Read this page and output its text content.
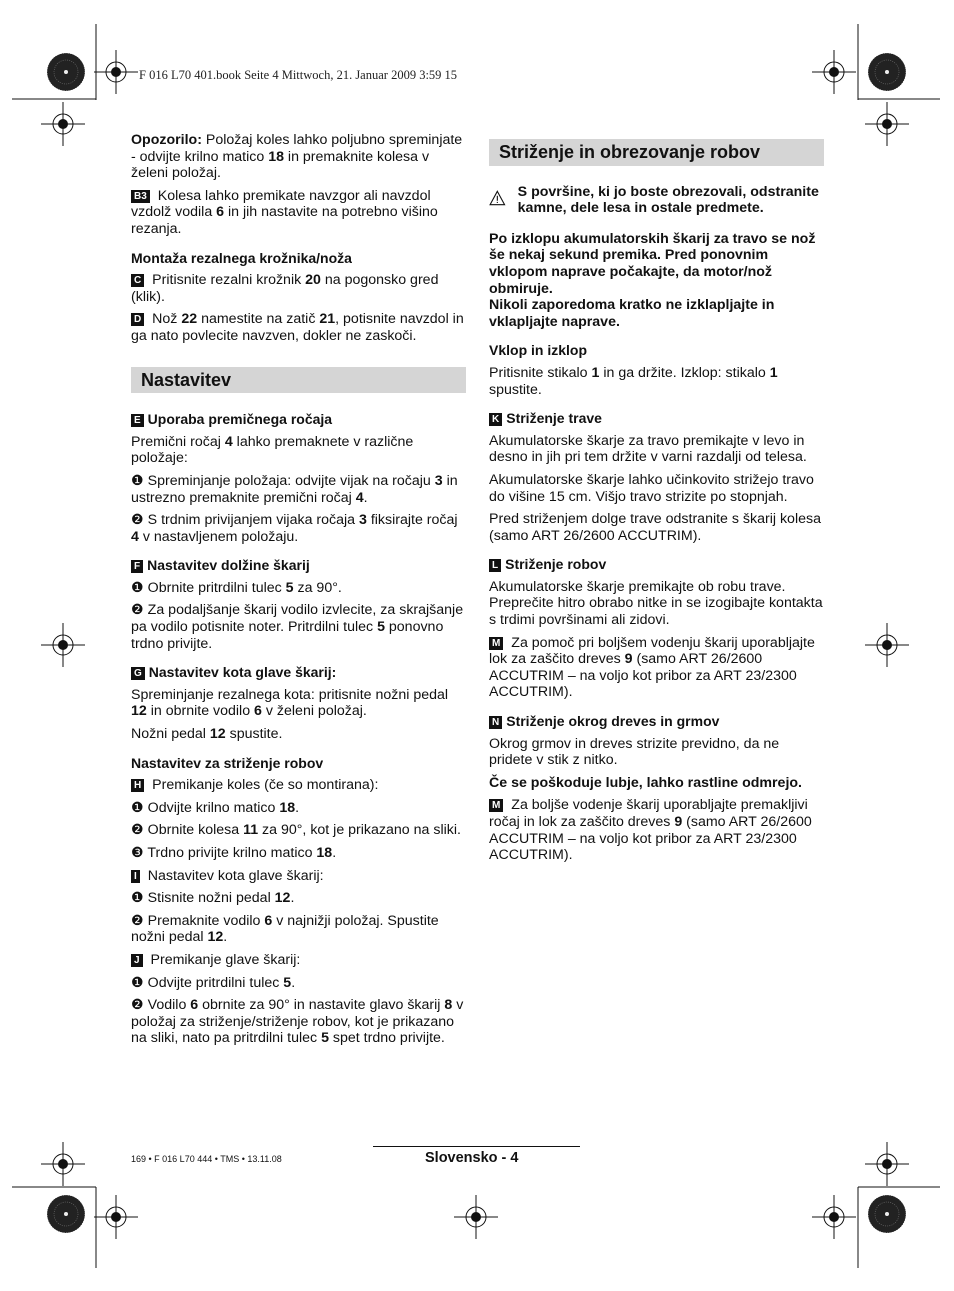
F 016 L70 401.book Seite 4 Mittwoch, 21. Januar 2009 3:59 15

Opozorilo: Položaj koles lahko poljubno spreminjate - odvijte krilno matico 18 in premaknite kolesa v želeni položaj.

B3 Kolesa lahko premikate navzgor ali navzdol vzdolž vodila 6 in jih nastavite na potrebno višino rezanja.

Montaža rezalnega krožnika/noža

C Pritisnite rezalni krožnik 20 na pogonsko gred (klik).

D Nož 22 namestite na zatič 21, potisnite navzdol in ga nato povlecite navzven, dokler ne zaskoči.

Nastavitev
E Uporaba premičnega ročaja

Premični ročaj 4 lahko premaknete v različne položaje:

❶ Spreminjanje položaja: odvijte vijak na ročaju 3 in ustrezno premaknite premični ročaj 4.

❷ S trdnim privijanjem vijaka ročaja 3 fiksirajte ročaj 4 v nastavljenem položaju.

F Nastavitev dolžine škarij

❶ Obrnite pritrdilni tulec 5 za 90°.

❷ Za podaljšanje škarij vodilo izvlecite, za skrajšanje pa vodilo potisnite noter. Pritrdilni tulec 5 ponovno trdno privijte.

G Nastavitev kota glave škarij:

Spreminjanje rezalnega kota: pritisnite nožni pedal 12 in obrnite vodilo 6 v želeni položaj.

Nožni pedal 12 spustite.

Nastavitev za striženje robov

H Premikanje koles (če so montirana):

❶ Odvijte krilno matico 18.

❷ Obrnite kolesa 11 za 90°, kot je prikazano na sliki.

❸ Trdno privijte krilno matico 18.

I Nastavitev kota glave škarij:

❶ Stisnite nožni pedal 12.

❷ Premaknite vodilo 6 v najnižji položaj. Spustite nožni pedal 12.

J Premikanje glave škarij:

❶ Odvijte pritrdilni tulec 5.

❷ Vodilo 6 obrnite za 90° in nastavite glavo škarij 8 v položaj za striženje/striženje robov, kot je prikazano na sliki, nato pa pritrdilni tulec 5 spet trdno privijte.

Striženje in obrezovanje robov
S površine, ki jo boste obrezovali, odstranite kamne, dele lesa in ostale predmete.

Po izklopu akumulatorskih škarij za travo se nož še nekaj sekund premika. Pred ponovnim vklopom naprave počakajte, da motor/nož obmiruje.

Nikoli zaporedoma kratko ne izklapljajte in vklapljajte naprave.

Vklop in izklop

Pritisnite stikalo 1 in ga držite. Izklop: stikalo 1 spustite.

K Striženje trave

Akumulatorske škarje za travo premikajte v levo in desno in jih pri tem držite v varni razdalji od telesa.

Akumulatorske škarje lahko učinkovito strižejo travo do višine 15 cm. Višjo travo strizite po stopnjah.

Pred striženjem dolge trave odstranite s škarij kolesa (samo ART 26/2600 ACCUTRIM).

L Striženje robov

Akumulatorske škarje premikajte ob robu trave. Preprečite hitro obrabo nitke in se izogibajte kontakta s trdimi površinami ali zidovi.

M Za pomoč pri boljšem vodenju škarij uporabljajte lok za zaščito dreves 9 (samo ART 26/2600 ACCUTRIM – na voljo kot pribor za ART 23/2300 ACCUTRIM).

N Striženje okrog dreves in grmov

Okrog grmov in dreves strizite previdno, da ne pridete v stik z nitko.

Če se poškoduje lubje, lahko rastline odmrejo.

M Za boljše vodenje škarij uporabljajte premakljivi ročaj in lok za zaščito dreves 9 (samo ART 26/2600 ACCUTRIM – na voljo kot pribor za ART 23/2300 ACCUTRIM).

169 • F 016 L70 444 • TMS • 13.11.08	Slovensko - 4
